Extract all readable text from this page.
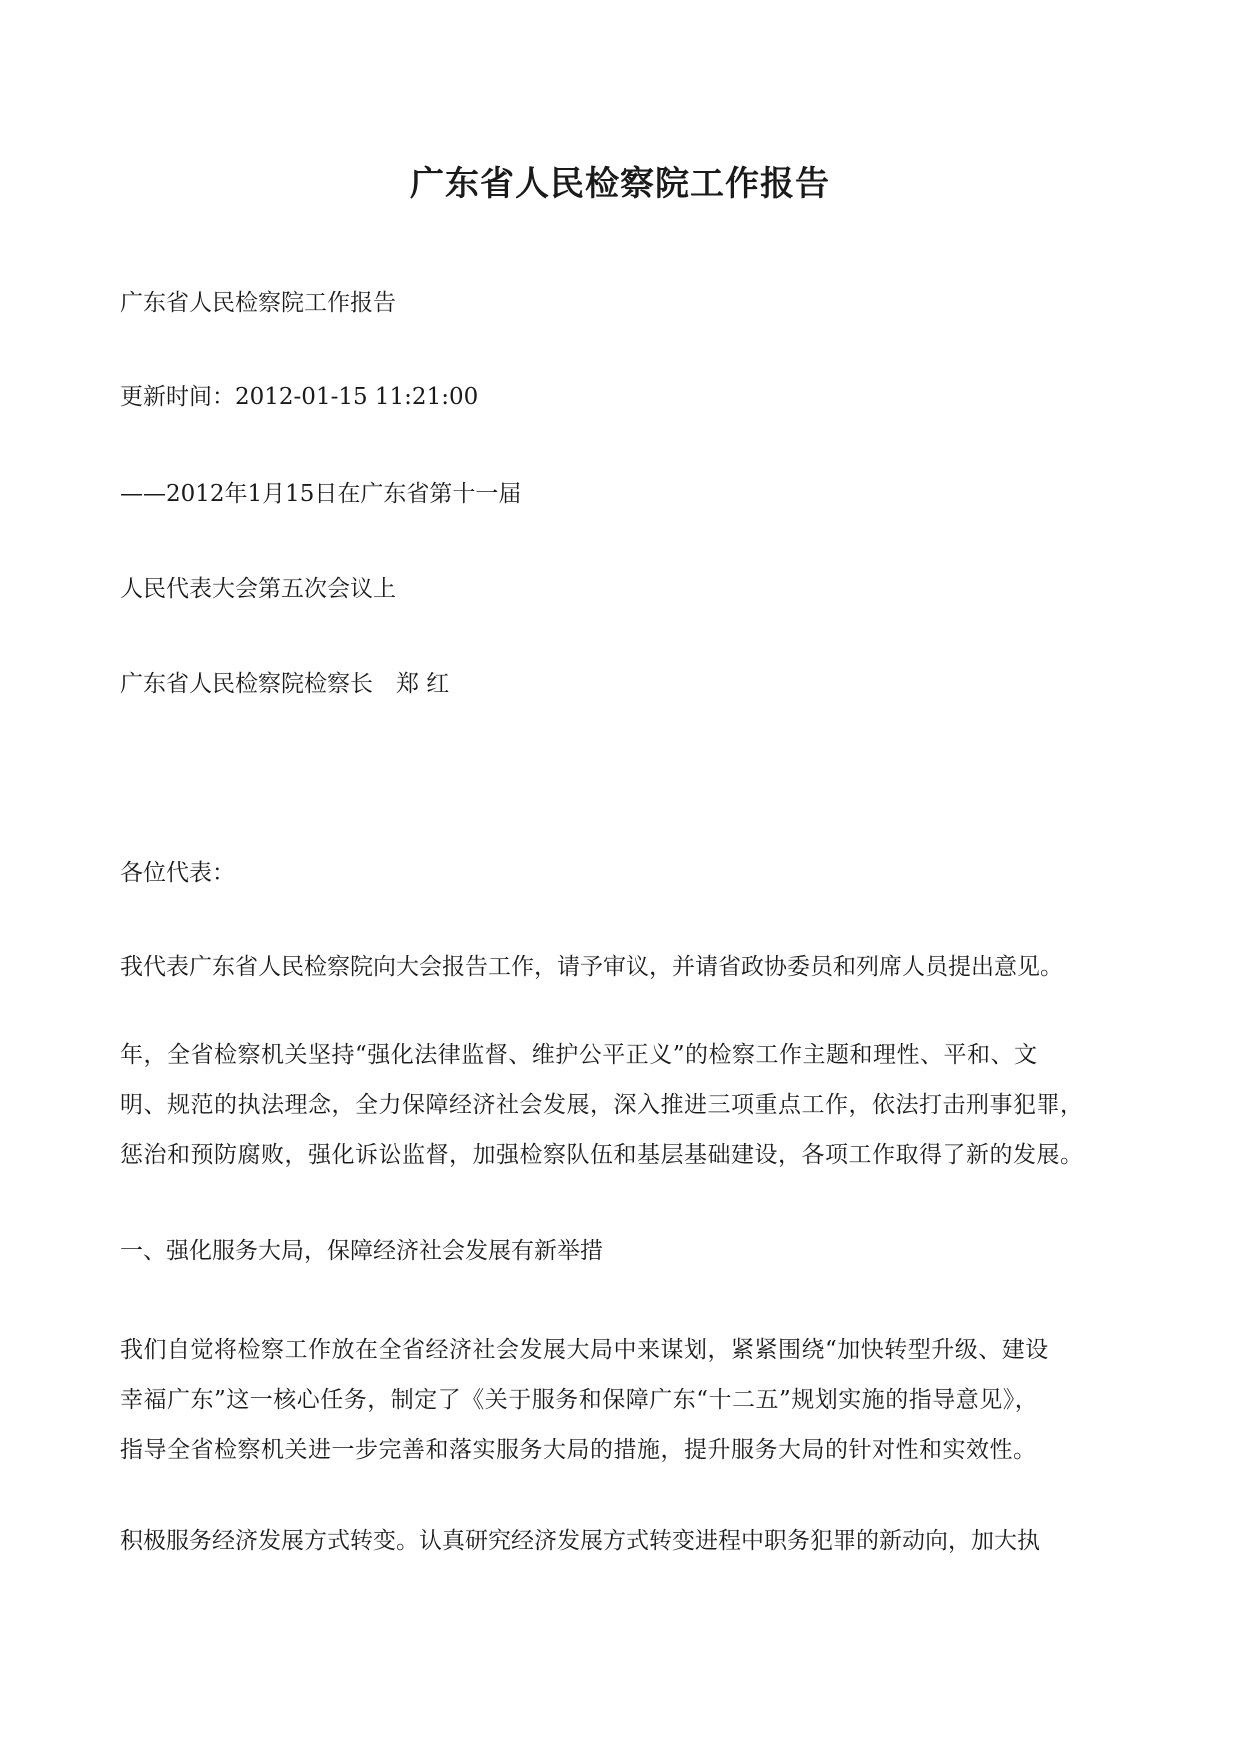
广东省人民检察院工作报告
广东省人民检察院工作报告
更新时间：2012-01-15 11:21:00
——2012年1月15日在广东省第十一届
人民代表大会第五次会议上
广东省人民检察院检察长　郑 红
各位代表：
我代表广东省人民检察院向大会报告工作，请予审议，并请省政协委员和列席人员提出意见。
年，全省检察机关坚持“强化法律监督、维护公平正义”的检察工作主题和理性、平和、文
明、规范的执法理念，全力保障经济社会发展，深入推进三项重点工作，依法打击刑事犯罪，
惩治和预防腐败，强化诉讼监督，加强检察队伍和基层基础建设，各项工作取得了新的发展。
一、强化服务大局，保障经济社会发展有新举措
我们自觉将检察工作放在全省经济社会发展大局中来谋划，紧紧围绕“加快转型升级、建设
幸福广东”这一核心任务，制定了《关于服务和保障广东“十二五”规划实施的指导意见》，
指导全省检察机关进一步完善和落实服务大局的措施，提升服务大局的针对性和实效性。
积极服务经济发展方式转变。认真研究经济发展方式转变进程中职务犯罪的新动向，加大执
